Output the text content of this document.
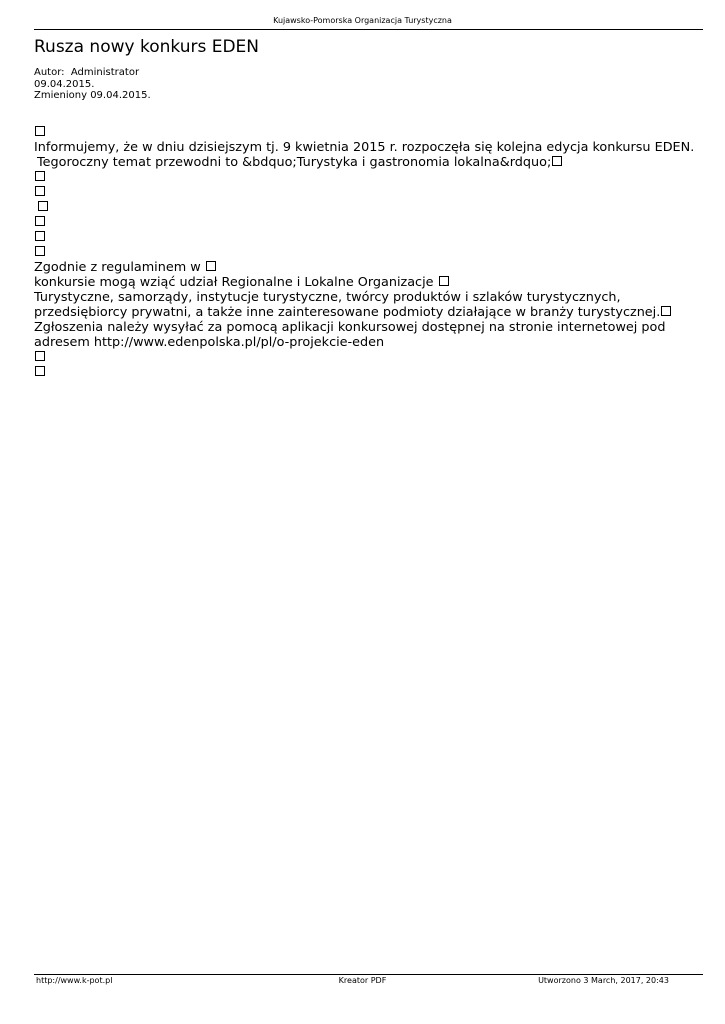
Kujawsko-Pomorska Organizacja Turystyczna
Rusza nowy konkurs EDEN
Autor:  Administrator
09.04.2015.
Zmieniony 09.04.2015.
Informujemy, że w dniu dzisiejszym tj. 9 kwietnia 2015 r. rozpoczęła się kolejna edycja konkursu EDEN.
Tegoroczny temat przewodni to &bdquo;Turystyka i gastronomia lokalna&rdquo;
Zgodnie z regulaminem w
konkursie mogą wziąć udział Regionalne i Lokalne Organizacje
Turystyczne, samorządy, instytucje turystyczne, twórcy produktów i szlaków turystycznych,
przedsiębiorcy prywatni, a także inne zainteresowane podmioty działające w branży turystycznej.
Zgłoszenia należy wysyłać za pomocą aplikacji konkursowej dostępnej na stronie internetowej pod
adresem http://www.edenpolska.pl/pl/o-projekcie-eden
http://www.k-pot.pl	Kreator PDF	Utworzono 3 March, 2017, 20:43
